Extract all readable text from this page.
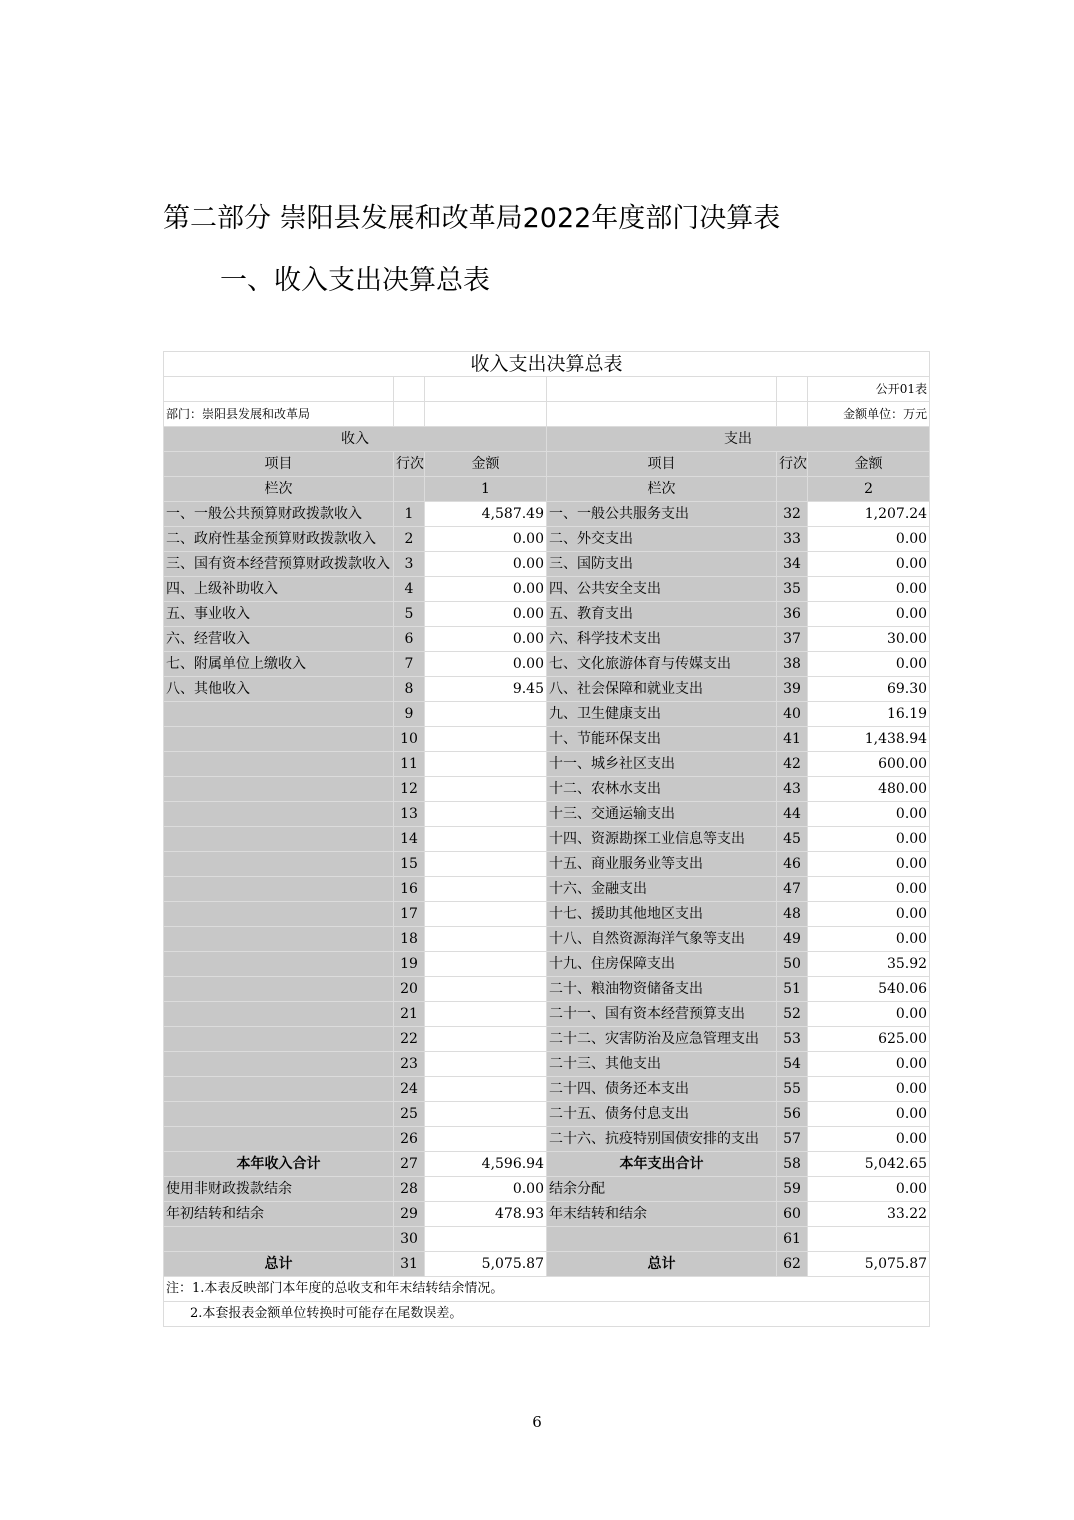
第二部分 崇阳县发展和改革局2022年度部门决算表
一、收入支出决算总表
收入支出决算总表					
					公开01表
部门：崇阳县发展和改革局					金额单位：万元
收入			支出		
项目	行次	金额	项目	行次	金额
栏次		1	栏次		2
一、一般公共预算财政拨款收入	1	4,587.49	一、一般公共服务支出	32	1,207.24
二、政府性基金预算财政拨款收入	2	0.00	二、外交支出	33	0.00
三、国有资本经营预算财政拨款收入	3	0.00	三、国防支出	34	0.00
四、上级补助收入	4	0.00	四、公共安全支出	35	0.00
五、事业收入	5	0.00	五、教育支出	36	0.00
六、经营收入	6	0.00	六、科学技术支出	37	30.00
七、附属单位上缴收入	7	0.00	七、文化旅游体育与传媒支出	38	0.00
八、其他收入	8	9.45	八、社会保障和就业支出	39	69.30
	9		九、卫生健康支出	40	16.19
	10		十、节能环保支出	41	1,438.94
	11		十一、城乡社区支出	42	600.00
	12		十二、农林水支出	43	480.00
	13		十三、交通运输支出	44	0.00
	14		十四、资源勘探工业信息等支出	45	0.00
	15		十五、商业服务业等支出	46	0.00
	16		十六、金融支出	47	0.00
	17		十七、援助其他地区支出	48	0.00
	18		十八、自然资源海洋气象等支出	49	0.00
	19		十九、住房保障支出	50	35.92
	20		二十、粮油物资储备支出	51	540.06
	21		二十一、国有资本经营预算支出	52	0.00
	22		二十二、灾害防治及应急管理支出	53	625.00
	23		二十三、其他支出	54	0.00
	24		二十四、债务还本支出	55	0.00
	25		二十五、债务付息支出	56	0.00
	26		二十六、抗疫特别国债安排的支出	57	0.00
本年收入合计	27	4,596.94	本年支出合计	58	5,042.65
使用非财政拨款结余	28	0.00	结余分配	59	0.00
年初结转和结余	29	478.93	年末结转和结余	60	33.22
	30			61	
总计	31	5,075.87	总计	62	5,075.87
注：1.本表反映部门本年度的总收支和年末结转结余情况。					
2.本套报表金额单位转换时可能存在尾数误差。					
6
